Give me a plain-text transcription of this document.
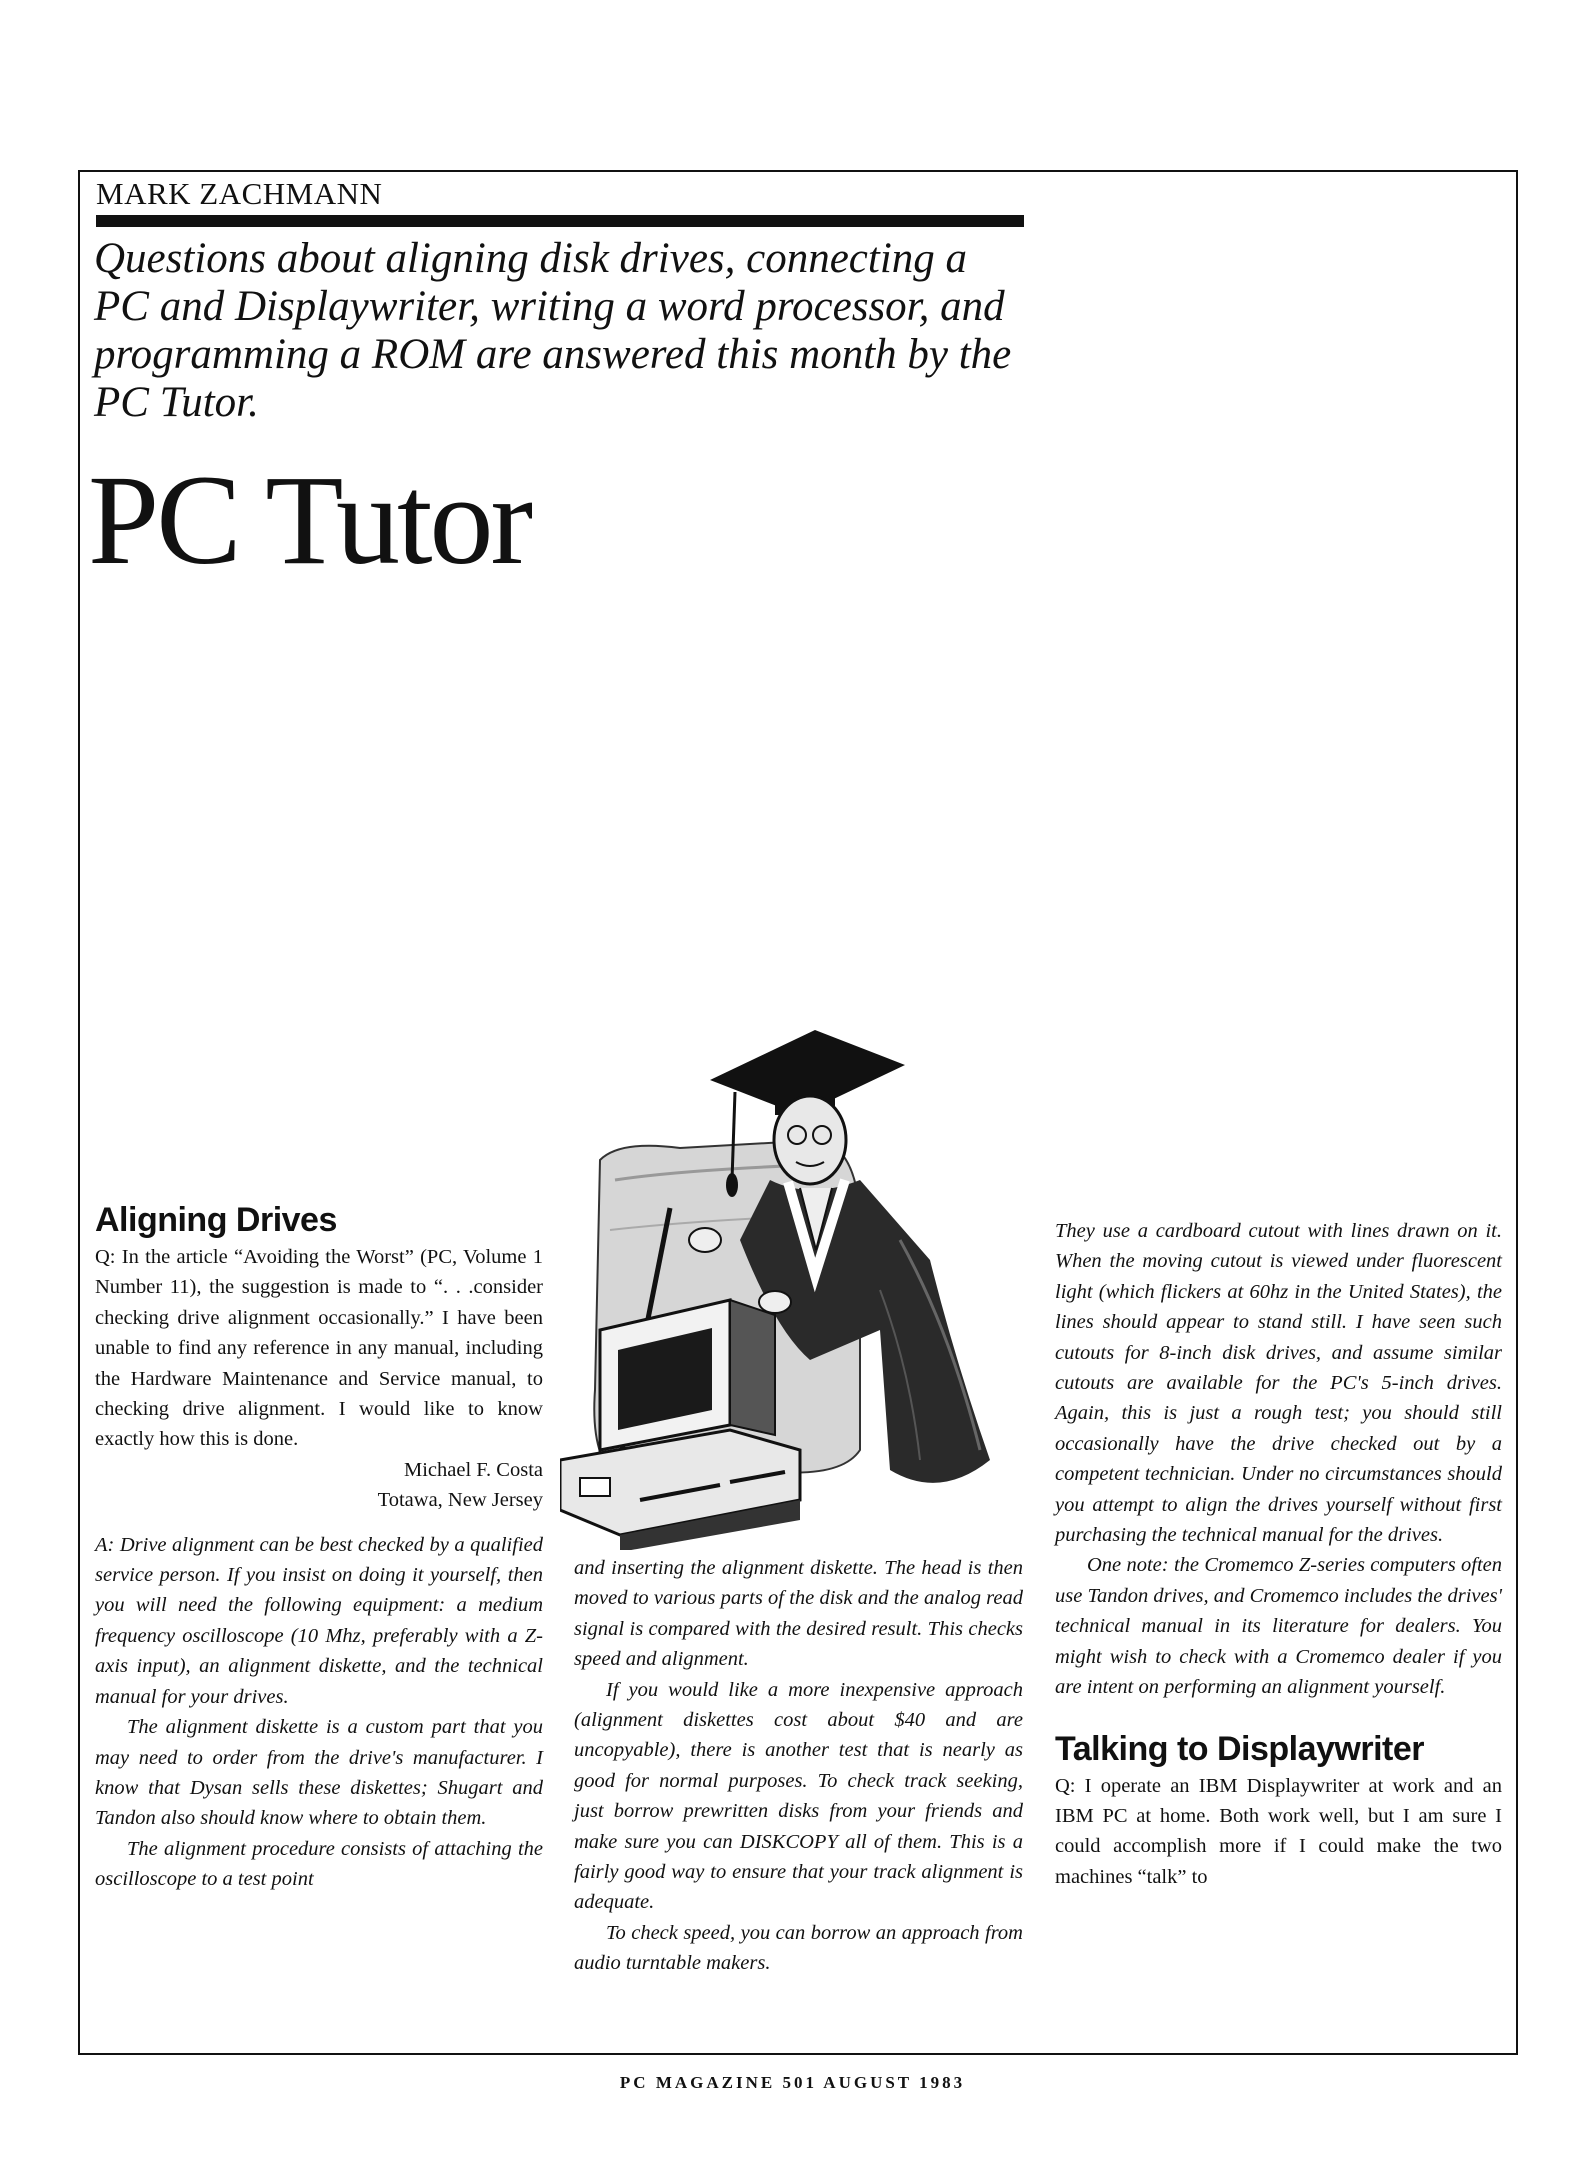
MARK ZACHMANN
Questions about aligning disk drives, connecting a PC and Displaywriter, writing a word processor, and programming a ROM are answered this month by the PC Tutor.
PC Tutor
Aligning Drives

Q: In the article “Avoiding the Worst” (PC, Volume 1 Number 11), the suggestion is made to “. . .consider checking drive alignment occasionally.” I have been unable to find any reference in any manual, including the Hardware Maintenance and Service manual, to checking drive alignment. I would like to know exactly how this is done.

Michael F. Costa

Totawa, New Jersey

A: Drive alignment can be best checked by a qualified service person. If you insist on doing it yourself, then you will need the following equipment: a medium frequency oscilloscope (10 Mhz, preferably with a Z-axis input), an alignment diskette, and the technical manual for your drives.

The alignment diskette is a custom part that you may need to order from the drive's manufacturer. I know that Dysan sells these diskettes; Shugart and Tandon also should know where to obtain them.

The alignment procedure consists of attaching the oscilloscope to a test point

and inserting the alignment diskette. The head is then moved to various parts of the disk and the analog read signal is compared with the desired result. This checks speed and alignment.

If you would like a more inexpensive approach (alignment diskettes cost about $40 and are uncopyable), there is another test that is nearly as good for normal purposes. To check track seeking, just borrow prewritten disks from your friends and make sure you can DISKCOPY all of them. This is a fairly good way to ensure that your track alignment is adequate.

To check speed, you can borrow an approach from audio turntable makers.

They use a cardboard cutout with lines drawn on it. When the moving cutout is viewed under fluorescent light (which flickers at 60hz in the United States), the lines should appear to stand still. I have seen such cutouts for 8-inch disk drives, and assume similar cutouts are available for the PC's 5-inch drives. Again, this is just a rough test; you should still occasionally have the drive checked out by a competent technician. Under no circumstances should you attempt to align the drives yourself without first purchasing the technical manual for the drives.

One note: the Cromemco Z-series computers often use Tandon drives, and Cromemco includes the drives' technical manual in its literature for dealers. You might wish to check with a Cromemco dealer if you are intent on performing an alignment yourself.

Talking to Displaywriter

Q: I operate an IBM Displaywriter at work and an IBM PC at home. Both work well, but I am sure I could accomplish more if I could make the two machines “talk” to

PC MAGAZINE 501 AUGUST 1983
